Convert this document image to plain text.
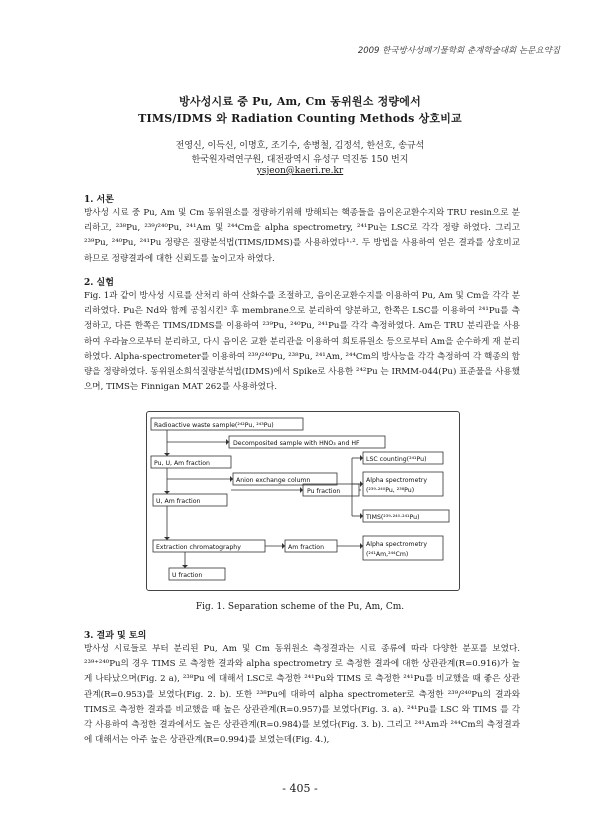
2009 한국방사성폐기물학회 춘계학술대회 논문요약집
방사성시료 중 Pu, Am, Cm 동위원소 정량에서
TIMS/IDMS 와 Radiation Counting Methods 상호비교
전영신, 이득신, 이명호, 조기수, 송병철, 김정석, 한선호, 송규석
한국원자력연구원, 대전광역시 유성구 덕진동 150 번지
ysjeon@kaeri.re.kr
1. 서론

방사성 시료 중 Pu, Am 및 Cm 동위원소를 정량하기위해 방해되는 핵종들을 음이온교환수지와 TRU resin으로 분리하고, ²³⁸Pu, ²³⁹/²⁴⁰Pu, ²⁴¹Am 및 ²⁴⁴Cm을 alpha spectrometry, ²⁴¹Pu는 LSC로 각각 정량 하였다. 그리고 ²³⁹Pu, ²⁴⁰Pu, ²⁴¹Pu 정량은 질량분석법(TIMS/IDMS)를 사용하였다¹·². 두 방법을 사용하여 얻은 결과를 상호비교 하므로 정량결과에 대한 신뢰도를 높이고자 하였다.

2. 실험

Fig. 1과 같이 방사성 시료를 산처리 하여 산화수를 조절하고, 음이온교환수지를 이용하여 Pu, Am 및 Cm을 각각 분리하였다. Pu은 Nd와 함께 공침시킨³ 후 membrane으로 분리하여 양분하고, 한쪽은 LSC를 이용하여 ²⁴¹Pu를 측정하고, 다른 한쪽은 TIMS/IDMS를 이용하여 ²³⁹Pu, ²⁴⁰Pu, ²⁴¹Pu를 각각 측정하였다. Am은 TRU 분리관을 사용하여 우라늄으로부터 분리하고, 다시 음이온 교환 분리관을 이용하여 희토류원소 등으로부터 Am을 순수하게 재 분리하였다. Alpha-spectrometer를 이용하여 ²³⁹/²⁴⁰Pu, ²³⁸Pu, ²⁴¹Am, ²⁴⁴Cm의 방사능을 각각 측정하여 각 핵종의 함량을 정량하였다. 동위원소희석질량분석법(IDMS)에서 Spike로 사용한 ²⁴²Pu 는 IRMM-044(Pu) 표준물을 사용했으며, TIMS는 Finnigan MAT 262를 사용하였다.

Radioactive waste sample(²⁴²Pu, ²⁴³Pu)
Decomposited sample with HNO₃ and HF
Pu, U, Am fraction
Anion exchange column
Pu fraction
LSC counting(²⁴¹Pu)
Alpha spectrometry
(²³⁹·²⁴⁰Pu, ²³⁸Pu)
U, Am fraction
TIMS(²³⁹·²⁴⁰·²⁴¹Pu)
Extraction chromatography	Am fraction	Alpha spectrometry
(²⁴¹Am,²⁴⁴Cm)
U fraction
Fig. 1. Separation scheme of the Pu, Am, Cm.
3. 결과 및 토의

방사성 시료들로 부터 분리된 Pu, Am 및 Cm 동위원소 측정결과는 시료 종류에 따라 다양한 분포를 보였다. ²³⁹⁺²⁴⁰Pu의 경우 TIMS 로 측정한 결과와 alpha spectrometry 로 측정한 결과에 대한 상관관계(R=0.916)가 높게 나타났으며(Fig. 2 a), ²³⁸Pu 에 대해서 LSC로 측정한 ²⁴¹Pu와 TIMS 로 측정한 ²⁴¹Pu를 비교했을 때 좋은 상관관계(R=0.953)를 보였다(Fig. 2. b). 또한 ²³⁸Pu에 대하여 alpha spectrometer로 측정한 ²³⁹/²⁴⁰Pu의 결과와 TIMS로 측정한 결과를 비교했을 때 높은 상관관계(R=0.957)를 보였다(Fig. 3. a). ²⁴¹Pu를 LSC 와 TIMS 를 각각 사용하여 측정한 결과에서도 높은 상관관계(R=0.984)를 보였다(Fig. 3. b). 그리고 ²⁴¹Am과 ²⁴⁴Cm의 측정결과에 대해서는 아주 높은 상관관계(R=0.994)를 보였는데(Fig. 4.),

- 405 -
